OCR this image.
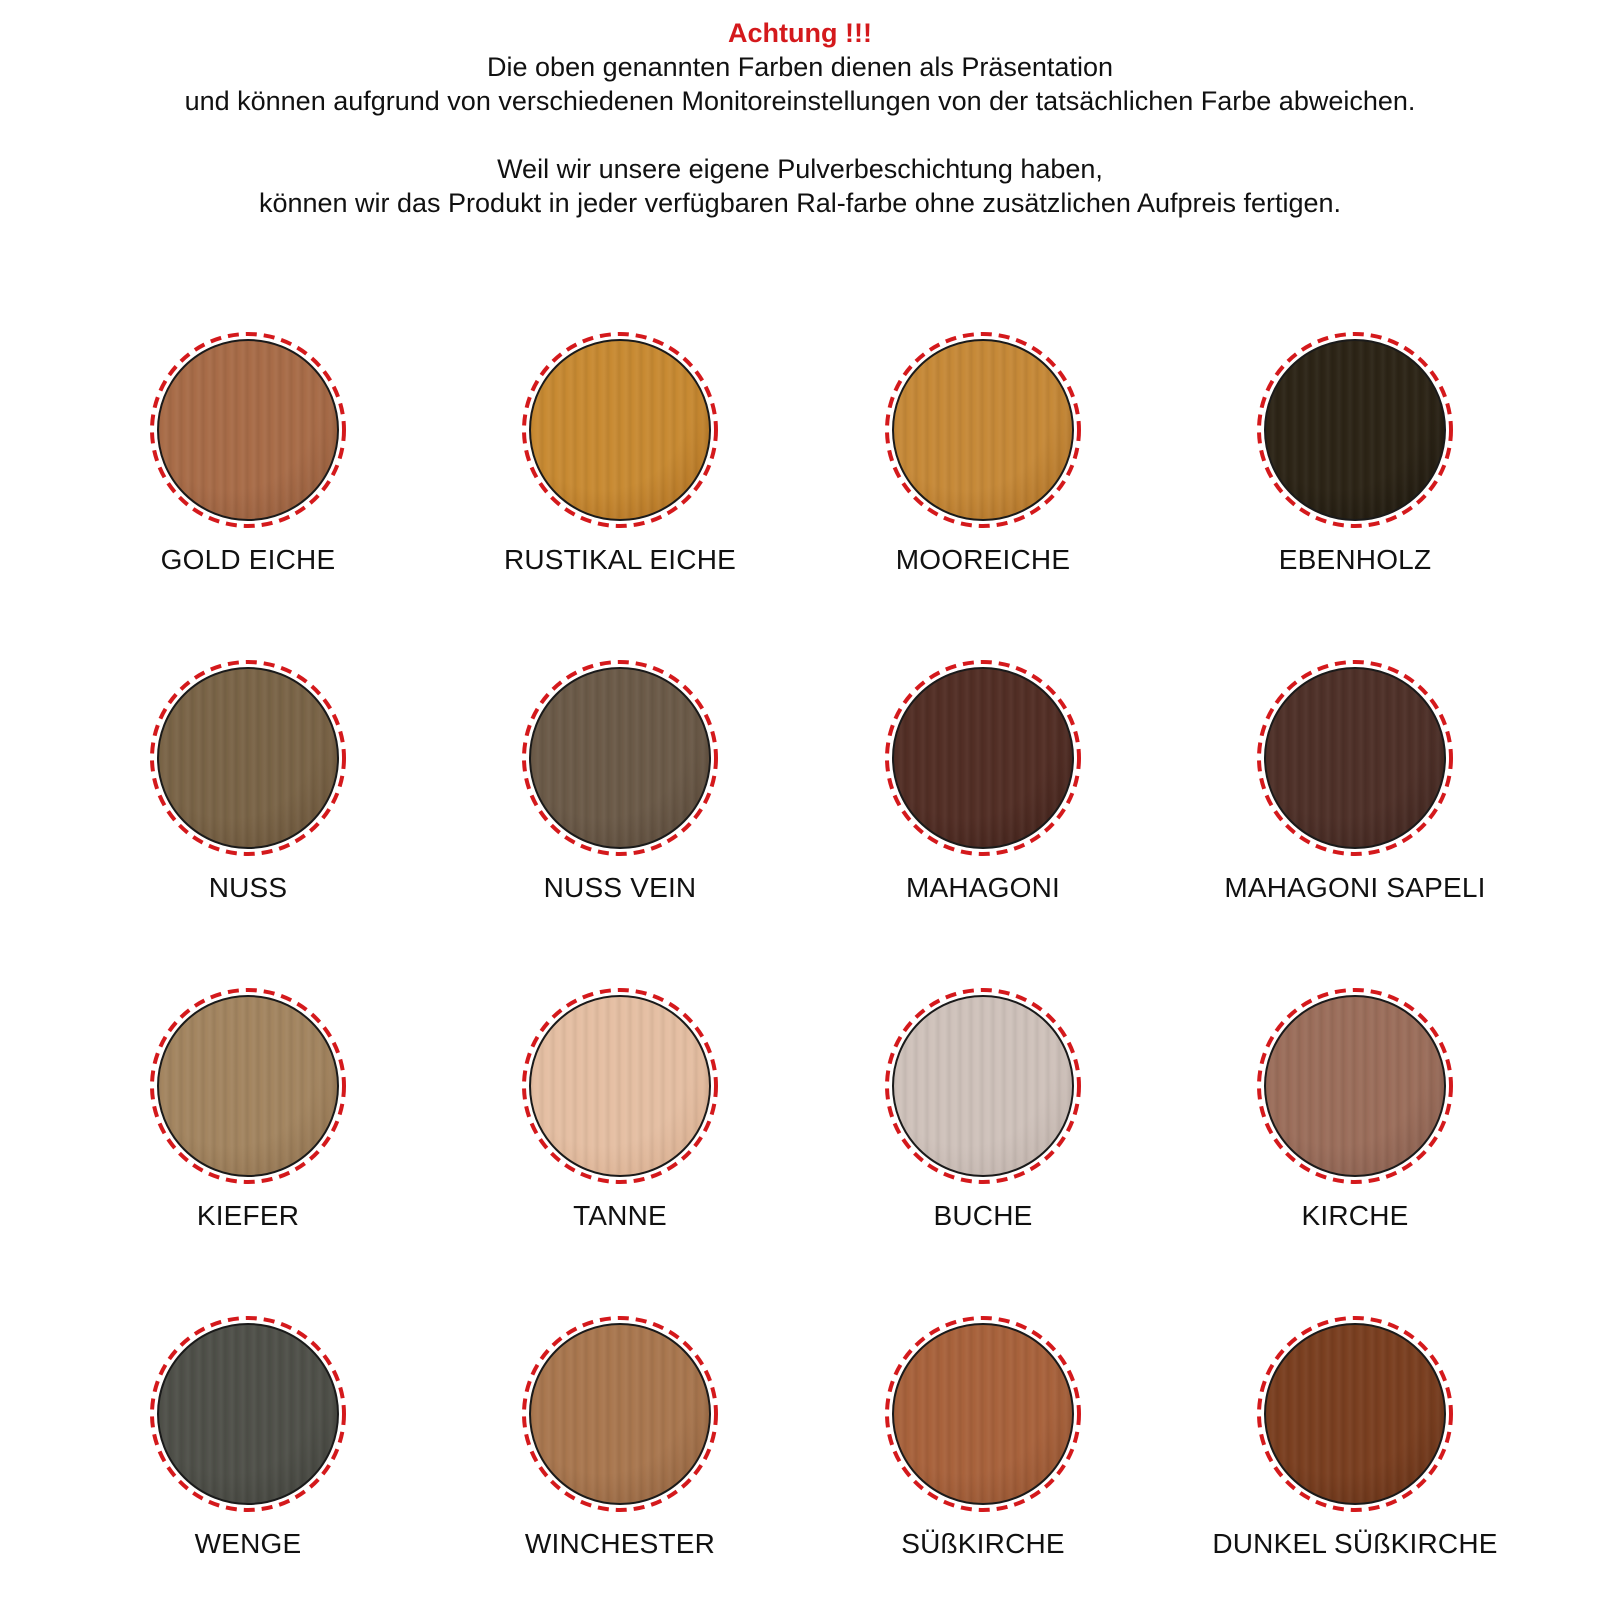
Achtung !!!
Die oben genannten Farben dienen als Präsentation
und können aufgrund von verschiedenen Monitoreinstellungen von der tatsächlichen Farbe abweichen.
Weil wir unsere eigene Pulverbeschichtung haben,
können wir das Produkt in jeder verfügbaren Ral-farbe ohne zusätzlichen Aufpreis fertigen.
GOLD EICHE	RUSTIKAL EICHE	MOOREICHE	EBENHOLZ
NUSS	NUSS VEIN	MAHAGONI	MAHAGONI SAPELI
KIEFER	TANNE	BUCHE	KIRCHE
WENGE	WINCHESTER	SÜßKIRCHE	DUNKEL SÜßKIRCHE
